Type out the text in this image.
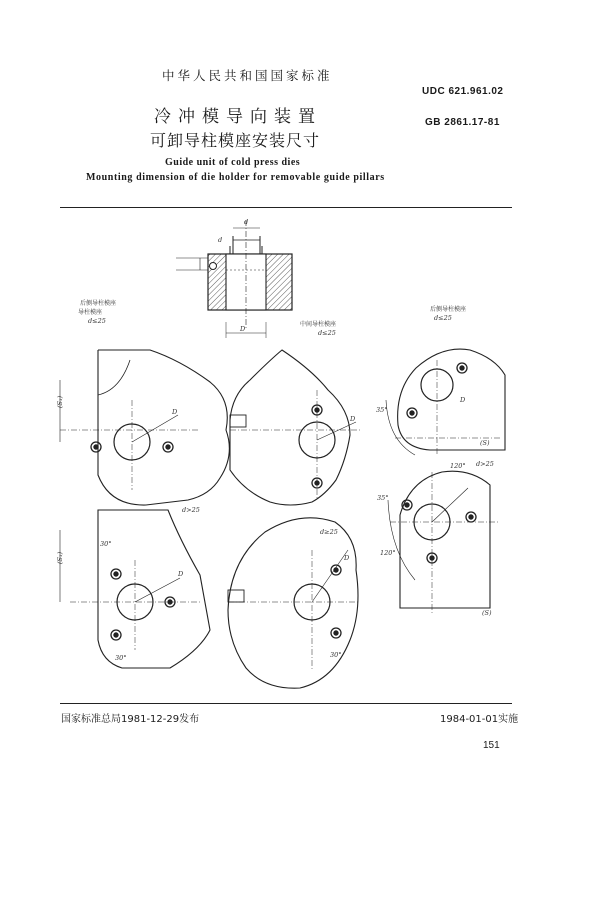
中华人民共和国国家标准
UDC 621.961.02
冷冲模导向装置	GB 2861.17-81
可卸导柱模座安装尺寸
Guide unit of cold press dies
Mounting dimension of die holder for removable guide pillars
d
d
D
后侧导柱模座
导柱模座
d≤25	中间导柱模座
d≤25
后侧导柱模座
d≤25
D
(S₁)
D
D
(S)
35°
D
(S₁)
30°
30°
d>25
d≥25
D
30°
120°
120°
35°
d>25
(S)
国家标准总局1981-12-29发布	1984-01-01实施
151
